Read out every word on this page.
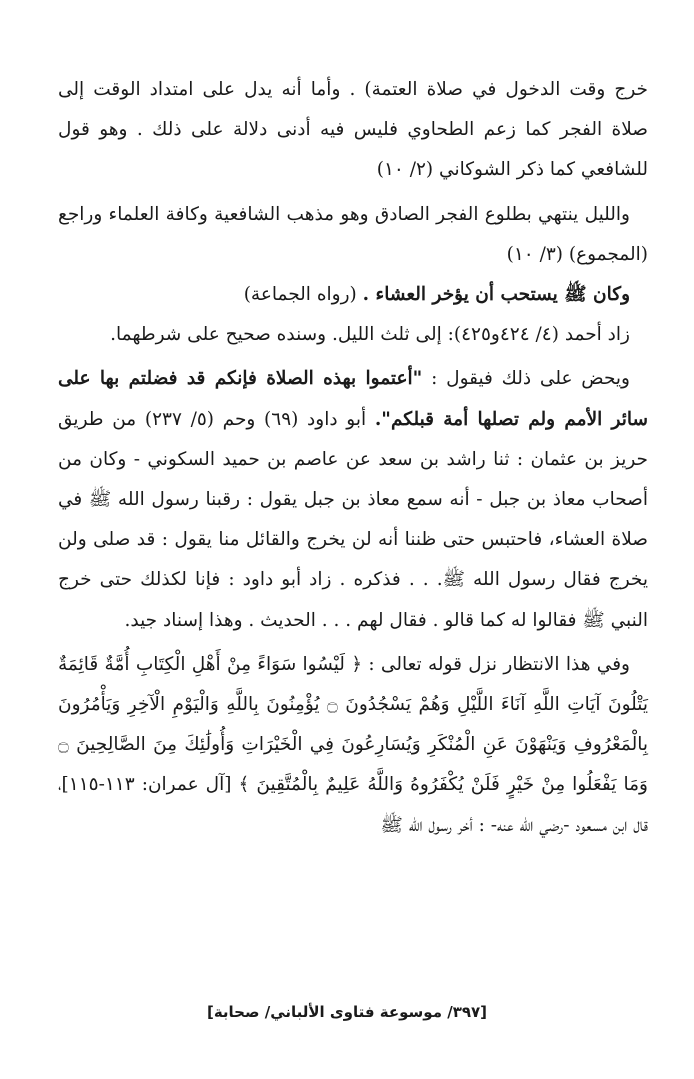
خرج وقت الدخول في صلاة العتمة) . وأما أنه يدل على امتداد الوقت إلى صلاة الفجر كما زعم الطحاوي فليس فيه أدنى دلالة على ذلك . وهو قول للشافعي كما ذكر الشوكاني (٢/ ١٠)

والليل ينتهي بطلوع الفجر الصادق وهو مذهب الشافعية وكافة العلماء وراجع (المجموع) (٣/ ١٠)

وكان ﷺ يستحب أن يؤخر العشاء . (رواه الجماعة)

زاد أحمد (٤/ ٤٢٤و٤٢٥): إلى ثلث الليل. وسنده صحيح على شرطهما.

ويحض على ذلك فيقول : "أعتموا بهذه الصلاة فإنكم قد فضلتم بها على سائر الأمم ولم تصلها أمة قبلكم". أبو داود (٦٩) وحم (٥/ ٢٣٧) من طريق حريز بن عثمان : ثنا راشد بن سعد عن عاصم بن حميد السكوني - وكان من أصحاب معاذ بن جبل - أنه سمع معاذ بن جبل يقول : رقبنا رسول الله ﷺ في صلاة العشاء، فاحتبس حتى ظننا أنه لن يخرج والقائل منا يقول : قد صلى ولن يخرج فقال رسول الله ﷺ. . . فذكره . زاد أبو داود : فإنا لكذلك حتى خرج النبي ﷺ فقالوا له كما قالو . فقال لهم . . . الحديث . وهذا إسناد جيد.

وفي هذا الانتظار نزل قوله تعالى : ﴿ لَيْسُوا سَوَاءً مِنْ أَهْلِ الْكِتَابِ أُمَّةٌ قَائِمَةٌ يَتْلُونَ آيَاتِ اللَّهِ آنَاءَ اللَّيْلِ وَهُمْ يَسْجُدُونَ ۝ يُؤْمِنُونَ بِاللَّهِ وَالْيَوْمِ الْآخِرِ وَيَأْمُرُونَ بِالْمَعْرُوفِ وَيَنْهَوْنَ عَنِ الْمُنْكَرِ وَيُسَارِعُونَ فِي الْخَيْرَاتِ وَأُولَٰئِكَ مِنَ الصَّالِحِينَ ۝ وَمَا يَفْعَلُوا مِنْ خَيْرٍ فَلَنْ يُكْفَرُوهُ وَاللَّهُ عَلِيمٌ بِالْمُتَّقِينَ ﴾ [آل عمران: ١١٣-١١٥]، قال ابن مسعود -رضي الله عنه- : أخر رسول الله ﷺ

[٣٩٧/ موسوعة فتاوى الألباني/ صحابة]
